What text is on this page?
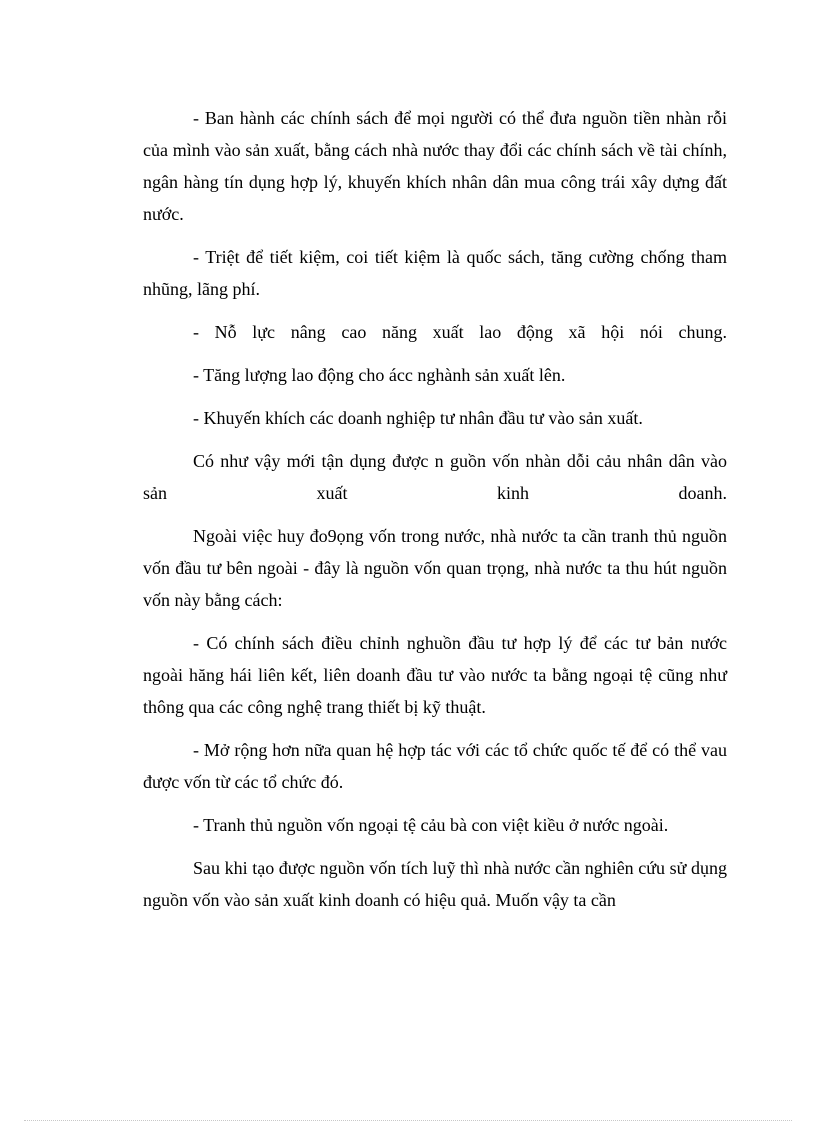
- Ban hành các chính sách để mọi người có thể đưa nguồn tiền nhàn rỗi của mình vào sản xuất, bằng cách nhà nước thay đổi các chính sách về tài chính, ngân hàng tín dụng hợp lý, khuyến khích nhân dân mua công trái xây dựng đất nước.

- Triệt để tiết kiệm, coi tiết kiệm là quốc sách, tăng cường chống tham nhũng, lãng phí.

- Nỗ lực nâng cao năng xuất lao động xã hội nói chung.

- Tăng lượng lao động cho ácc nghành sản xuất lên.

- Khuyến khích các doanh nghiệp tư nhân đầu tư vào sản xuất.

Có như vậy mới tận dụng được n guồn vốn nhàn dỗi cảu nhân dân vào sản xuất kinh doanh.

Ngoài việc huy đo9ọng vốn trong nước, nhà nước ta cần tranh thủ nguồn vốn đầu tư bên ngoài - đây là nguồn vốn quan trọng, nhà nước ta thu hút nguồn vốn này bằng cách:

- Có chính sách điều chỉnh nghuồn đầu tư hợp lý để các tư bản nước ngoài hăng hái liên kết, liên doanh đầu tư vào nước ta bằng ngoại tệ cũng như thông qua các công nghệ trang thiết bị kỹ thuật.

- Mở rộng hơn nữa quan hệ hợp tác với các tổ chức quốc tế để có thể vau được vốn từ các tổ chức đó.

- Tranh thủ nguồn vốn ngoại tệ cảu bà con việt kiều ở nước ngoài.

Sau khi tạo được nguồn vốn tích luỹ thì nhà nước cần nghiên cứu sử dụng nguồn vốn vào sản xuất kinh doanh có hiệu quả. Muốn vậy ta cần
